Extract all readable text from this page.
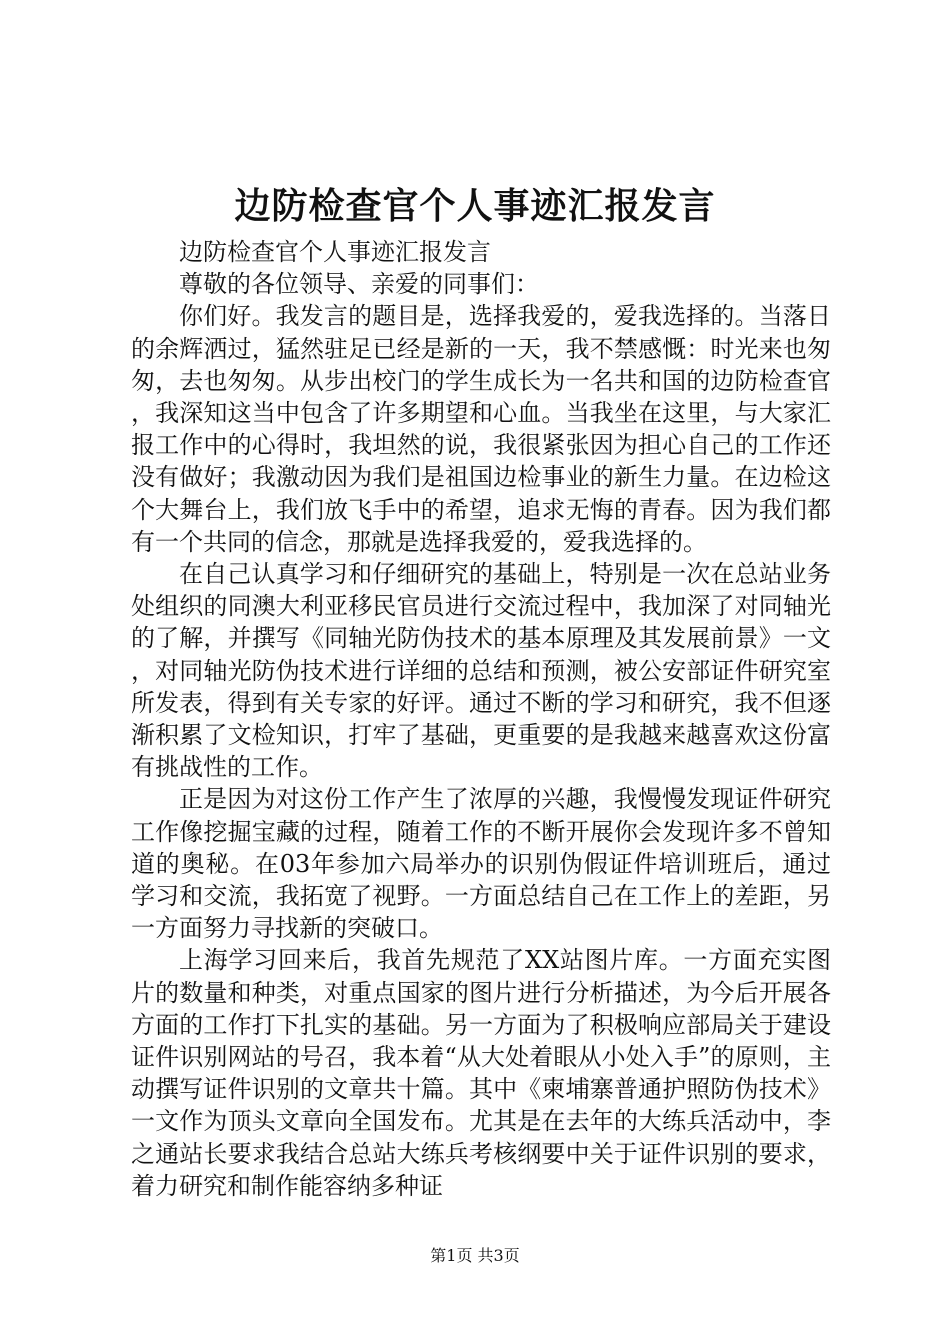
边防检查官个人事迹汇报发言

边防检查官个人事迹汇报发言

尊敬的各位领导、亲爱的同事们：

你们好。我发言的题目是，选择我爱的，爱我选择的。当落日的余辉洒过，猛然驻足已经是新的一天，我不禁感慨：时光来也匆匆，去也匆匆。从步出校门的学生成长为一名共和国的边防检查官，我深知这当中包含了许多期望和心血。当我坐在这里，与大家汇报工作中的心得时，我坦然的说，我很紧张因为担心自己的工作还没有做好；我激动因为我们是祖国边检事业的新生力量。在边检这个大舞台上，我们放飞手中的希望，追求无悔的青春。因为我们都有一个共同的信念，那就是选择我爱的，爱我选择的。

在自己认真学习和仔细研究的基础上，特别是一次在总站业务处组织的同澳大利亚移民官员进行交流过程中，我加深了对同轴光的了解，并撰写《同轴光防伪技术的基本原理及其发展前景》一文，对同轴光防伪技术进行详细的总结和预测，被公安部证件研究室所发表，得到有关专家的好评。通过不断的学习和研究，我不但逐渐积累了文检知识，打牢了基础，更重要的是我越来越喜欢这份富有挑战性的工作。

正是因为对这份工作产生了浓厚的兴趣，我慢慢发现证件研究工作像挖掘宝藏的过程，随着工作的不断开展你会发现许多不曾知道的奥秘。在03年参加六局举办的识别伪假证件培训班后，通过学习和交流，我拓宽了视野。一方面总结自己在工作上的差距，另一方面努力寻找新的突破口。

上海学习回来后，我首先规范了XX站图片库。一方面充实图片的数量和种类，对重点国家的图片进行分析描述，为今后开展各方面的工作打下扎实的基础。另一方面为了积极响应部局关于建设证件识别网站的号召，我本着“从大处着眼从小处入手”的原则，主动撰写证件识别的文章共十篇。其中《柬埔寨普通护照防伪技术》一文作为顶头文章向全国发布。尤其是在去年的大练兵活动中，李之通站长要求我结合总站大练兵考核纲要中关于证件识别的要求，着力研究和制作能容纳多种证

第1页 共3页
